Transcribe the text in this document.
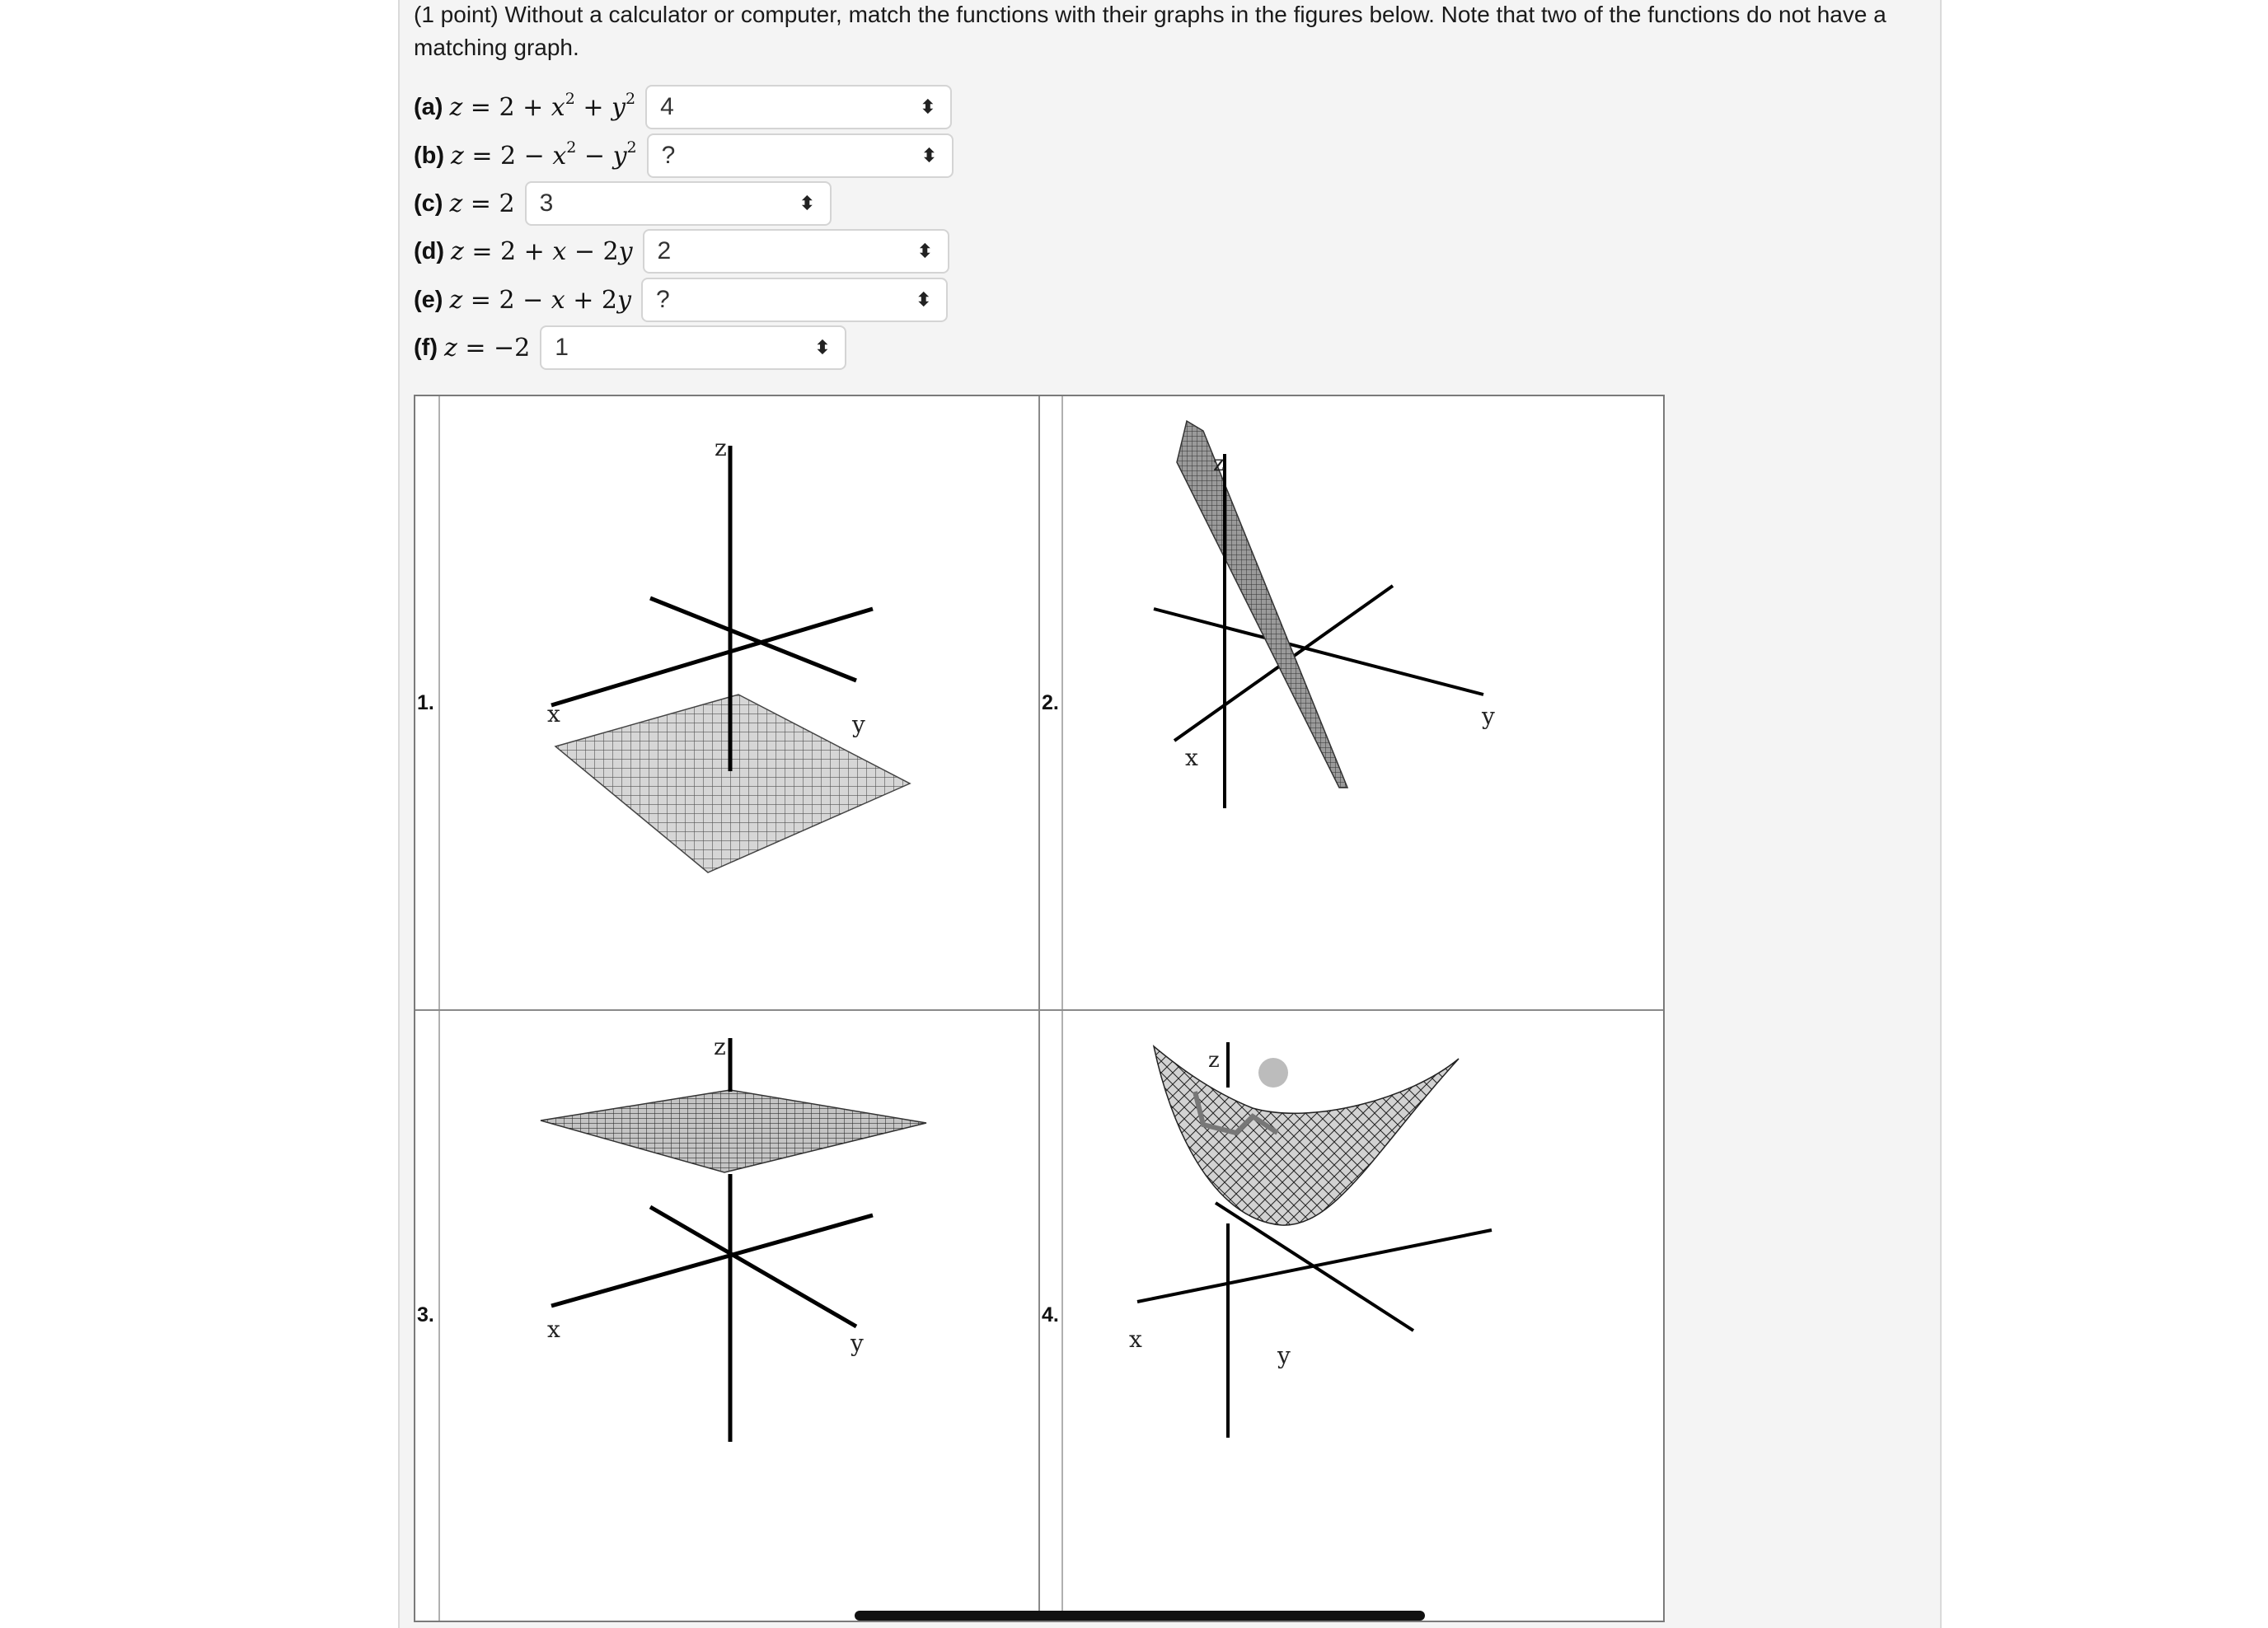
(1 point) Without a calculator or computer, match the functions with their graphs in the figures below. Note that two of the functions do not have a matching graph.
(a) $z = 2 + x^2 + y^2$ 4	⬍
(b) $z = 2 - x^2 - y^2$ ?	⬍
(c) z = 2 3	⬍
(d) z = 2 + x − 2y 2	⬍
(e) z = 2 − x + 2y ?	⬍
(f) z = −2 1	⬍
1.	2.
3.	4.
z
x	y
z
x
y
z
x
y
z
x
y
